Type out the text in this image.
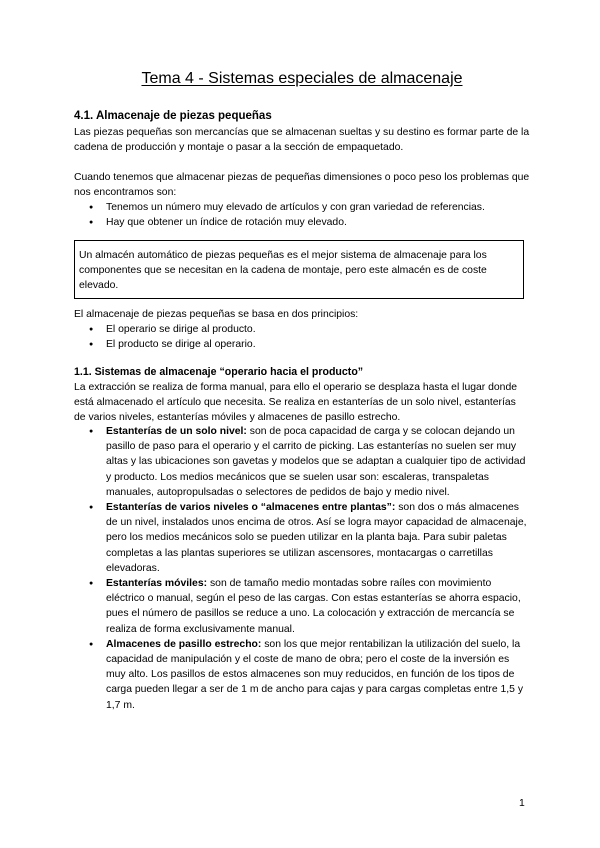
Tema 4 - Sistemas especiales de almacenaje
4.1. Almacenaje de piezas pequeñas

Las piezas pequeñas son mercancías que se almacenan sueltas y su destino es formar parte de la cadena de producción y montaje o pasar a la sección de empaquetado.

Cuando tenemos que almacenar piezas de pequeñas dimensiones o poco peso los problemas que nos encontramos son:

● Tenemos un número muy elevado de artículos y con gran variedad de referencias.
● Hay que obtener un índice de rotación muy elevado.
Un almacén automático de piezas pequeñas es el mejor sistema de almacenaje para los componentes que se necesitan en la cadena de montaje, pero este almacén es de coste elevado.

El almacenaje de piezas pequeñas se basa en dos principios:

● El operario se dirige al producto.
● El producto se dirige al operario.
1.1. Sistemas de almacenaje “operario hacia el producto”

La extracción se realiza de forma manual, para ello el operario se desplaza hasta el lugar donde está almacenado el artículo que necesita. Se realiza en estanterías de un solo nivel, estanterías de varios niveles, estanterías móviles y almacenes de pasillo estrecho.

● Estanterías de un solo nivel: son de poca capacidad de carga y se colocan dejando un pasillo de paso para el operario y el carrito de picking. Las estanterías no suelen ser muy altas y las ubicaciones son gavetas y modelos que se adaptan a cualquier tipo de actividad y producto. Los medios mecánicos que se suelen usar son: escaleras, transpaletas manuales, autopropulsadas o selectores de pedidos de bajo y medio nivel.
● Estanterías de varios niveles o “almacenes entre plantas”: son dos o más almacenes de un nivel, instalados unos encima de otros. Así se logra mayor capacidad de almacenaje, pero los medios mecánicos solo se pueden utilizar en la planta baja. Para subir paletas completas a las plantas superiores se utilizan ascensores, montacargas o carretillas elevadoras.
● Estanterías móviles: son de tamaño medio montadas sobre raíles con movimiento eléctrico o manual, según el peso de las cargas. Con estas estanterías se ahorra espacio, pues el número de pasillos se reduce a uno. La colocación y extracción de mercancía se realiza de forma exclusivamente manual.
● Almacenes de pasillo estrecho: son los que mejor rentabilizan la utilización del suelo, la capacidad de manipulación y el coste de mano de obra; pero el coste de la inversión es muy alto. Los pasillos de estos almacenes son muy reducidos, en función de los tipos de carga pueden llegar a ser de 1 m de ancho para cajas y para cargas completas entre 1,5 y 1,7 m.
1
